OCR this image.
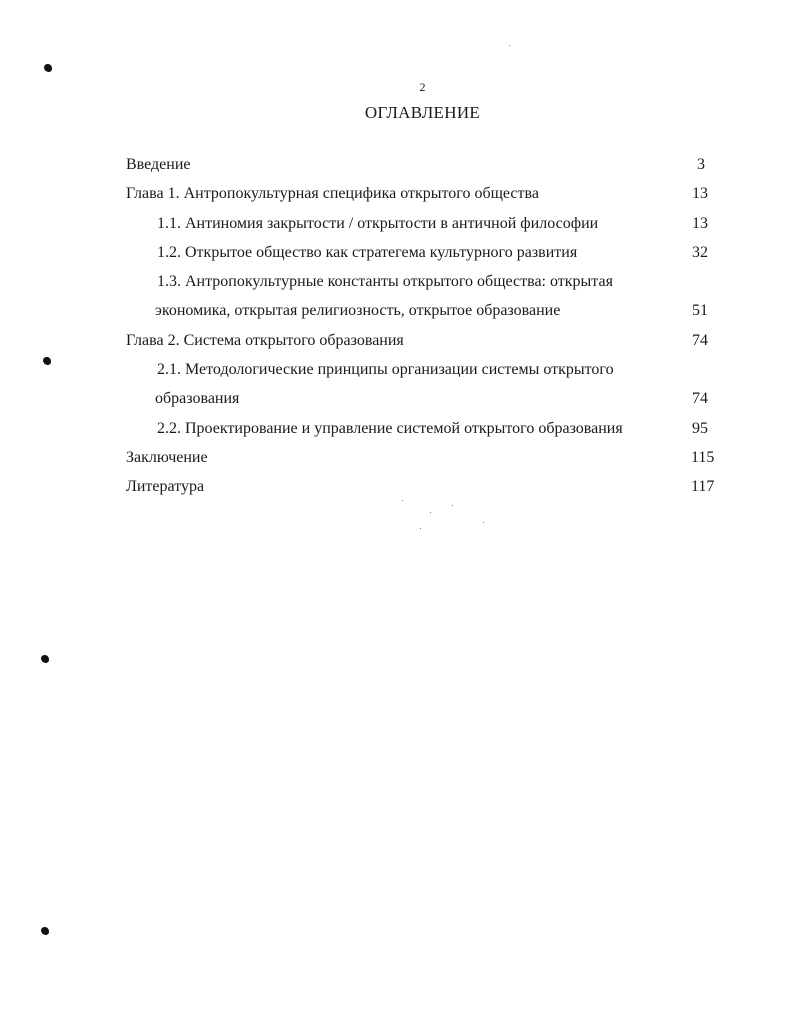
2
ОГЛАВЛЕНИЕ
Введение	3
Глава 1. Антропокультурная специфика открытого общества	13
1.1. Антиномия закрытости / открытости в античной философии	13
1.2. Открытое общество как стратегема культурного развития	32
1.3. Антропокультурные константы открытого общества: открытая
экономика, открытая религиозность, открытое образование	51
Глава 2. Система открытого образования	74
2.1. Методологические принципы организации системы открытого
образования	74
2.2. Проектирование и управление системой открытого образования	95
Заключение	115
Литература	117
